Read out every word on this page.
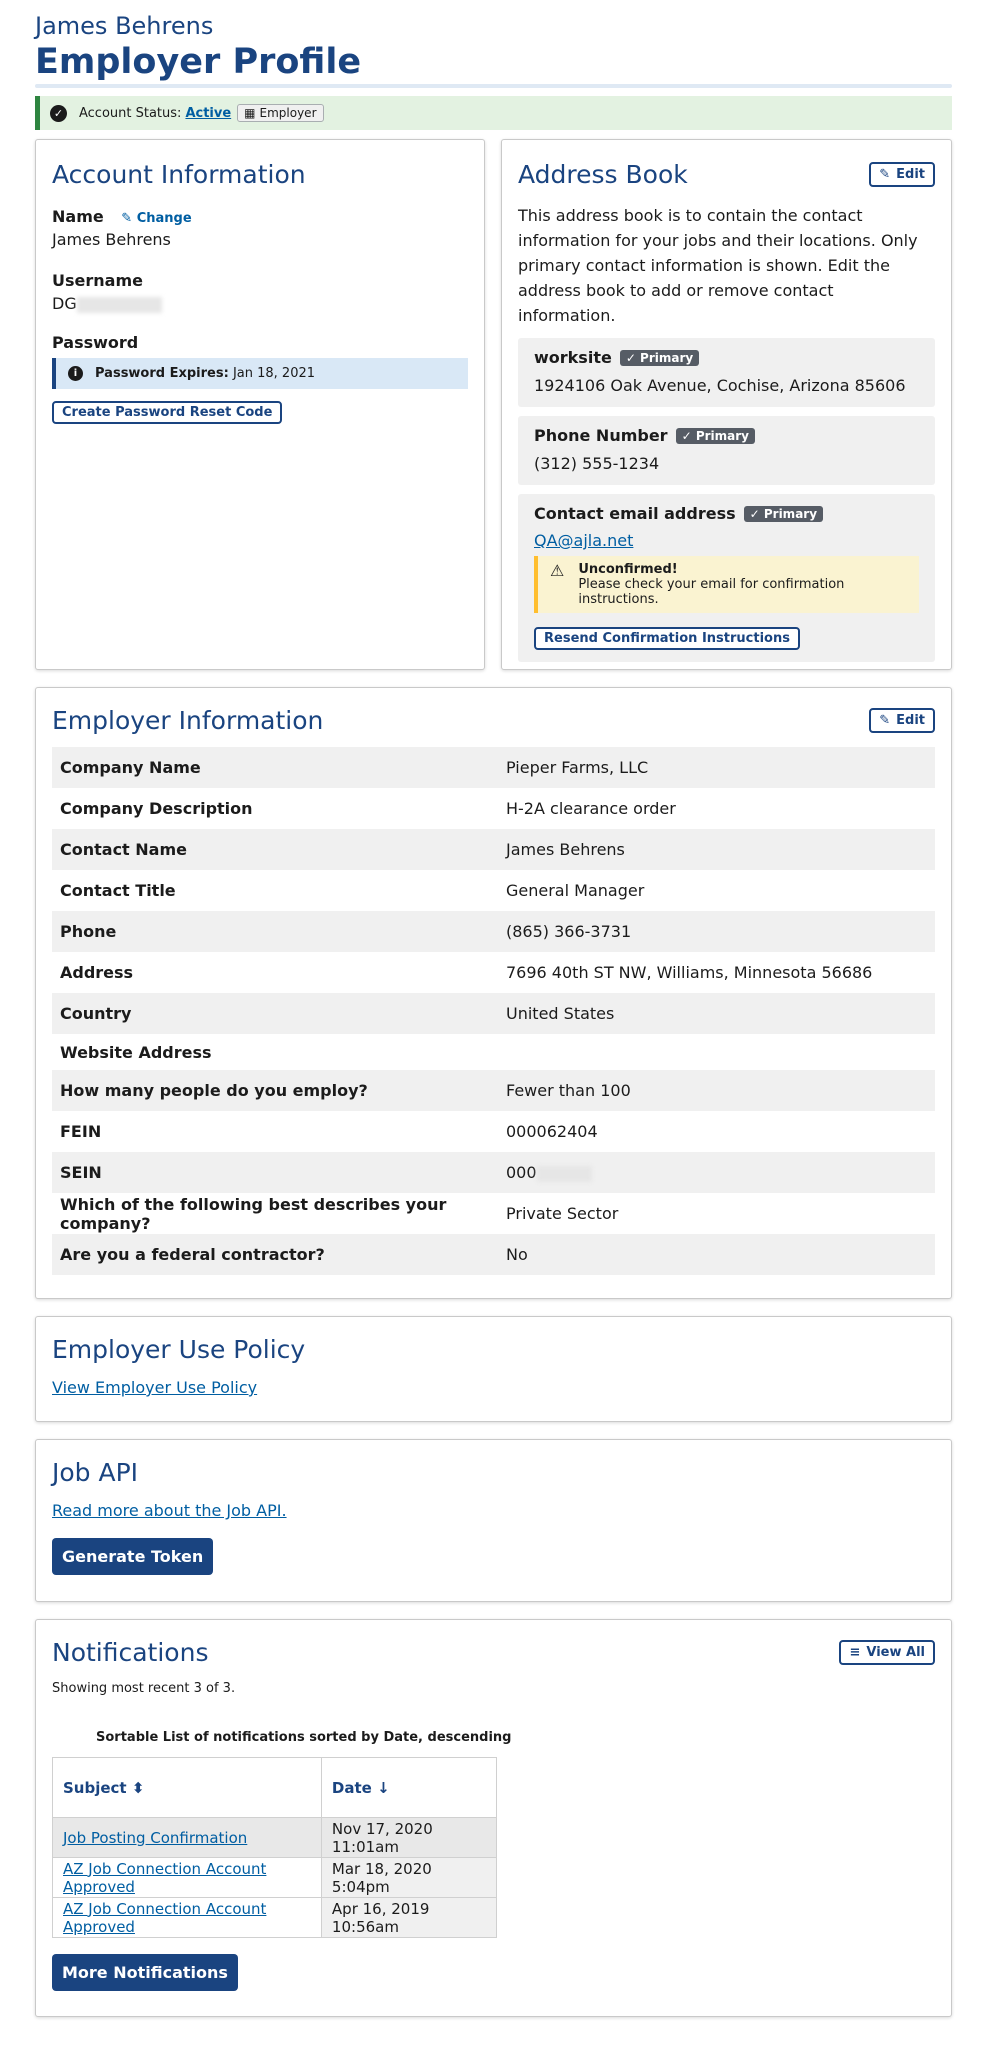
James Behrens
Employer Profile
✓ Account Status: Active ▦ Employer
Account Information
Name ✎ Change
James Behrens
Username
DG
Password
i	Password Expires: Jan 18, 2021
Create Password Reset Code
Address Book	✎ Edit

This address book is to contain the contact information for your jobs and their locations. Only primary contact information is shown. Edit the address book to add or remove contact information.

worksite	✓ Primary
1924106 Oak Avenue, Cochise, Arizona 85606
Phone Number	✓ Primary
(312) 555-1234
Contact email address	✓ Primary
QA@ajla.net
⚠ Unconfirmed!
Please check your email for confirmation instructions.
Resend Confirmation Instructions
Employer Information	✎ Edit
Company Name	Pieper Farms, LLC
Company Description	H-2A clearance order
Contact Name	James Behrens
Contact Title	General Manager
Phone	(865) 366-3731
Address	7696 40th ST NW, Williams, Minnesota 56686
Country	United States
Website Address	
How many people do you employ?	Fewer than 100
FEIN	000062404
SEIN	000
Which of the following best describes your company?	Private Sector
Are you a federal contractor?	No
Employer Use Policy
View Employer Use Policy
Job API
Read more about the Job API.
Generate Token
Notifications	≡ View All
Showing most recent 3 of 3.
Sortable List of notifications sorted by Date, descending
Subject ⬍	Date ↓
Job Posting Confirmation	Nov 17, 2020 11:01am
AZ Job Connection Account Approved	Mar 18, 2020 5:04pm
AZ Job Connection Account Approved	Apr 16, 2019 10:56am
More Notifications
